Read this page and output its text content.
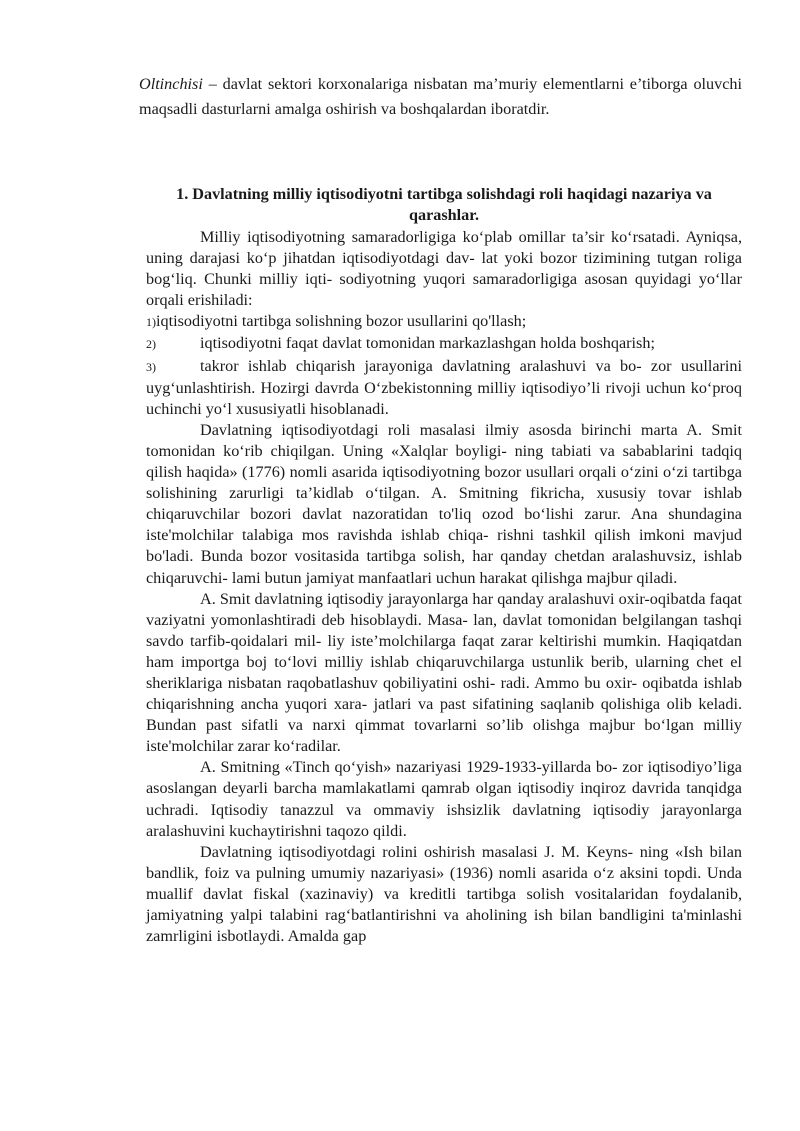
Oltinchisi – davlat sektori korxonalariga nisbatan ma’muriy elementlarni e’tiborga oluvchi maqsadli dasturlarni amalga oshirish va boshqalardan iboratdir.
1. Davlatning milliy iqtisodiyotni tartibga solishdagi roli haqidagi nazariya va qarashlar.

Milliy iqtisodiyotning samaradorligiga ko‘plab omillar ta’sir ko‘rsatadi. Ayniqsa, uning darajasi ko‘p jihatdan iqtisodiyotdagi dav- lat yoki bozor tizimining tutgan roliga bog‘liq. Chunki milliy iqti- sodiyotning yuqori samaradorligiga asosan quyidagi yo‘llar orqali erishiladi:

1)iqtisodiyotni tartibga solishning bozor usullarini qo'llash;

2)	iqtisodiyotni faqat davlat tomonidan markazlashgan holda boshqarish;

3)	takror ishlab chiqarish jarayoniga davlatning aralashuvi va bo- zor usullarini uyg‘unlashtirish. Hozirgi davrda O‘zbekistonning milliy iqtisodiyo’li rivoji uchun ko‘proq uchinchi yo‘l xususiyatli hisoblanadi.

Davlatning iqtisodiyotdagi roli masalasi ilmiy asosda birinchi marta A. Smit tomonidan ko‘rib chiqilgan. Uning «Xalqlar boyligi- ning tabiati va sabablarini tadqiq qilish haqida» (1776) nomli asarida iqtisodiyotning bozor usullari orqali o‘zini o‘zi tartibga solishining zarurligi ta’kidlab o‘tilgan. A. Smitning fikricha, xususiy tovar ishlab chiqaruvchilar bozori davlat nazoratidan to'liq ozod bo‘lishi zarur. Ana shundagina iste'molchilar talabiga mos ravishda ishlab chiqa- rishni tashkil qilish imkoni mavjud bo'ladi. Bunda bozor vositasida tartibga solish, har qanday chetdan aralashuvsiz, ishlab chiqaruvchi- lami butun jamiyat manfaatlari uchun harakat qilishga majbur qiladi.

A. Smit davlatning iqtisodiy jarayonlarga har qanday aralashuvi oxir-oqibatda faqat vaziyatni yomonlashtiradi deb hisoblaydi. Masa- lan, davlat tomonidan belgilangan tashqi savdo tarfib-qoidalari mil- liy iste’molchilarga faqat zarar keltirishi mumkin. Haqiqatdan ham importga boj to‘lovi milliy ishlab chiqaruvchilarga ustunlik berib, ularning chet el sheriklariga nisbatan raqobatlashuv qobiliyatini oshi- radi. Ammo bu oxir- oqibatda ishlab chiqarishning ancha yuqori xara- jatlari va past sifatining saqlanib qolishiga olib keladi. Bundan past sifatli va narxi qimmat tovarlarni so’lib olishga majbur bo‘lgan milliy iste'molchilar zarar ko‘radilar.

A. Smitning «Tinch qo‘yish» nazariyasi 1929-1933-yillarda bo- zor iqtisodiyo’liga asoslangan deyarli barcha mamlakatlami qamrab olgan iqtisodiy inqiroz davrida tanqidga uchradi. Iqtisodiy tanazzul va ommaviy ishsizlik davlatning iqtisodiy jarayonlarga aralashuvini kuchaytirishni taqozo qildi.

Davlatning iqtisodiyotdagi rolini oshirish masalasi J. M. Keyns- ning «Ish bilan bandlik, foiz va pulning umumiy nazariyasi» (1936) nomli asarida o‘z aksini topdi. Unda muallif davlat fiskal (xazinaviy) va kreditli tartibga solish vositalaridan foydalanib, jamiyatning yalpi talabini rag‘batlantirishni va aholining ish bilan bandligini ta'minlashi zamrligini isbotlaydi. Amalda gap
